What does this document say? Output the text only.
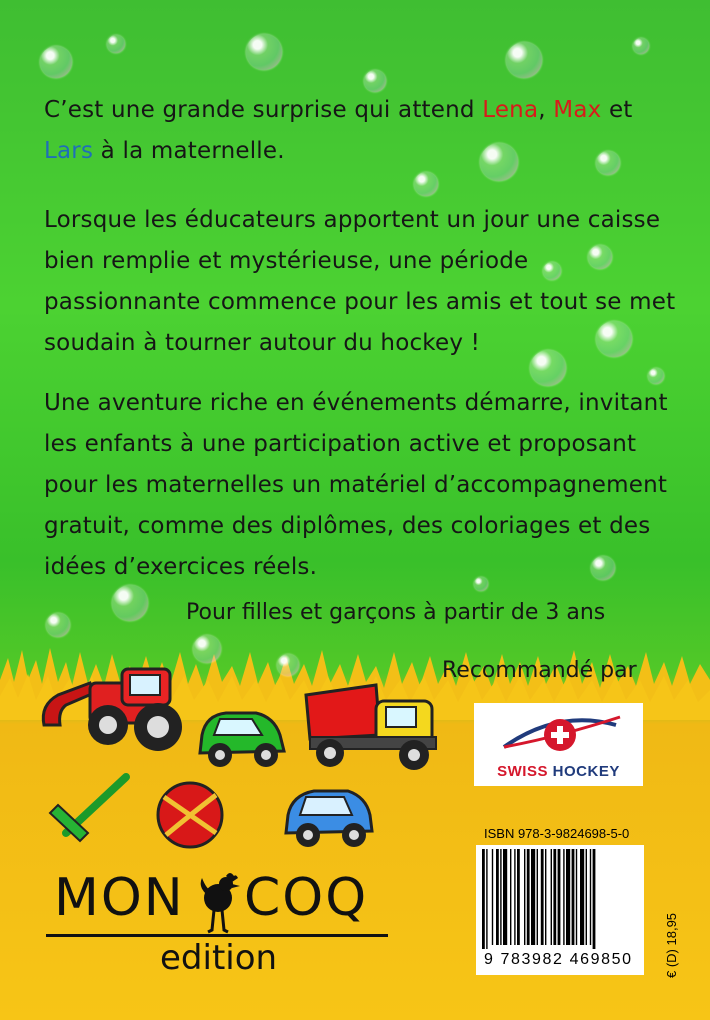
C’est une grande surprise qui attend Lena, Max et
Lars à la maternelle.
Lorsque les éducateurs apportent un jour une caisse bien remplie et mystérieuse, une période passionnante commence pour les amis et tout se met soudain à tourner autour du hockey !
Une aventure riche en événements démarre, invitant les enfants à une participation active et proposant pour les maternelles un matériel d’accompagnement gratuit, comme des diplômes, des coloriages et des idées d’exercices réels.
Pour filles et garçons à partir de 3 ans
Recommandé par
SWISS HOCKEY
ISBN 978-3-9824698-5-0
9 783982 469850 € (D) 18,95
MON COQ
edition
